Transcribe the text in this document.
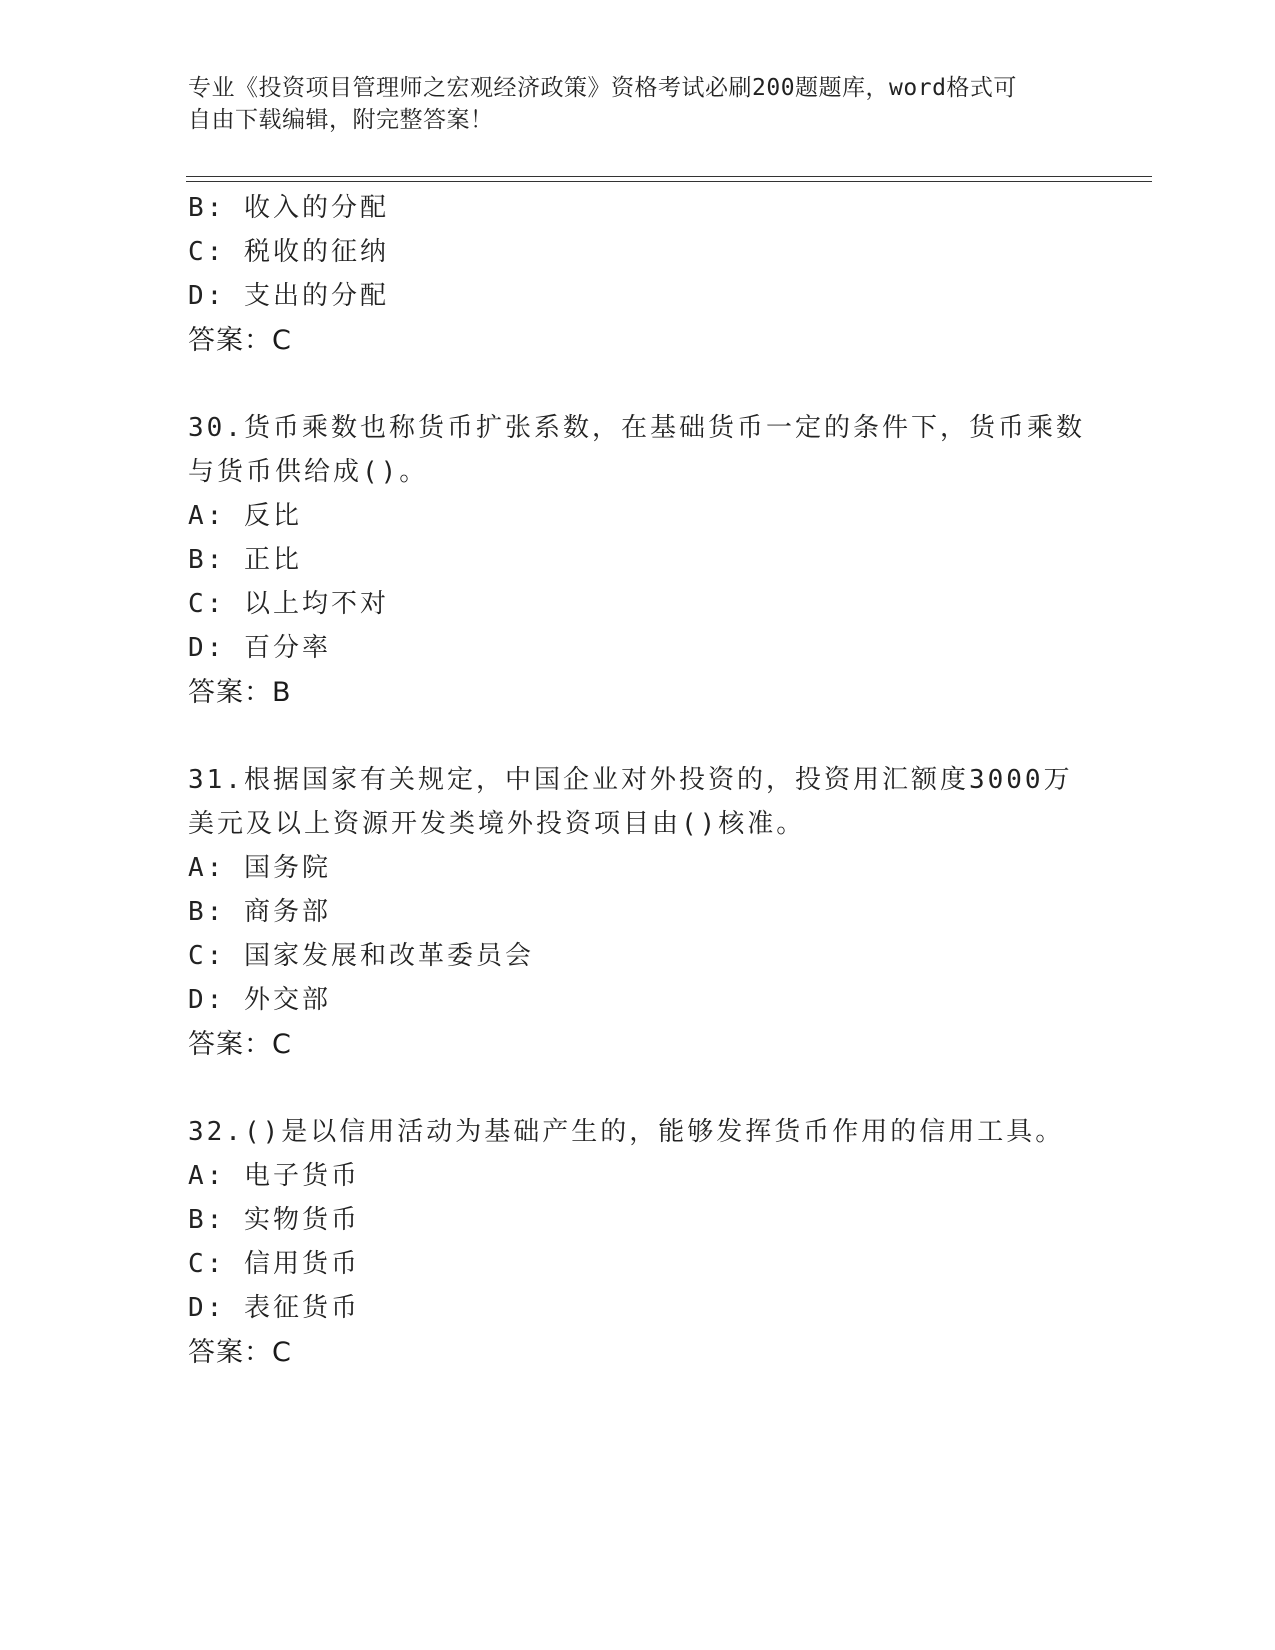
专业《投资项目管理师之宏观经济政策》资格考试必刷200题题库，word格式可
自由下载编辑，附完整答案！
B: 收入的分配
C: 税收的征纳
D: 支出的分配
答案：C
30.货币乘数也称货币扩张系数，在基础货币一定的条件下，货币乘数
与货币供给成()。
A: 反比
B: 正比
C: 以上均不对
D: 百分率
答案：B
31.根据国家有关规定，中国企业对外投资的，投资用汇额度3000万
美元及以上资源开发类境外投资项目由()核准。
A: 国务院
B: 商务部
C: 国家发展和改革委员会
D: 外交部
答案：C
32.()是以信用活动为基础产生的，能够发挥货币作用的信用工具。
A: 电子货币
B: 实物货币
C: 信用货币
D: 表征货币
答案：C
